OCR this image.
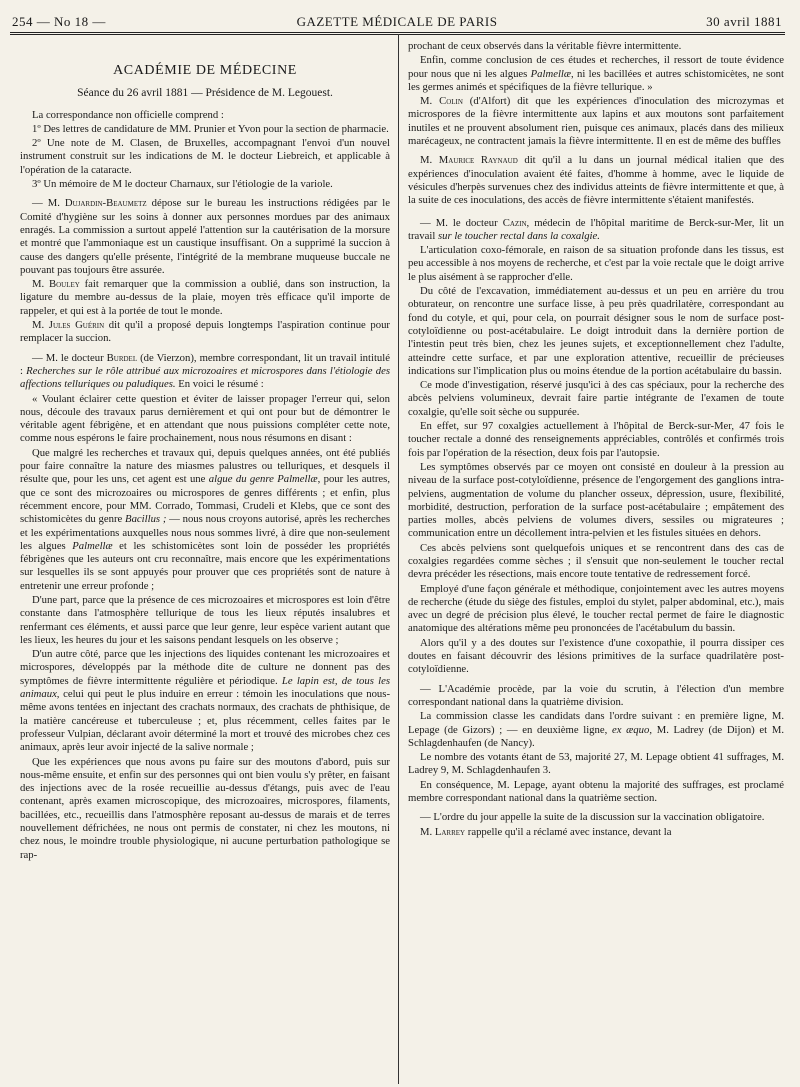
254 — No 18 —	GAZETTE MÉDICALE DE PARIS	30 avril 1881
ACADÉMIE DE MÉDECINE
Séance du 26 avril 1881 — Présidence de M. Legouest.

La correspondance non officielle comprend :

1º Des lettres de candidature de MM. Prunier et Yvon pour la section de pharmacie.

2º Une note de M. Clasen, de Bruxelles, accompagnant l'envoi d'un nouvel instrument construit sur les indications de M. le docteur Liebreich, et applicable à l'opération de la cataracte.

3º Un mémoire de M le docteur Charnaux, sur l'étiologie de la variole.

— M. Dujardin-Beaumetz dépose sur le bureau les instructions rédigées par le Comité d'hygiène sur les soins à donner aux personnes mordues par des animaux enragés. La commission a surtout appelé l'attention sur la cautérisation de la morsure et montré que l'ammoniaque est un caustique insuffisant. On a supprimé la succion à cause des dangers qu'elle présente, l'intégrité de la membrane muqueuse buccale ne pouvant pas toujours être assurée.

M. Bouley fait remarquer que la commission a oublié, dans son instruction, la ligature du membre au-dessus de la plaie, moyen très efficace qu'il importe de rappeler, et qui est à la portée de tout le monde.

M. Jules Guérin dit qu'il a proposé depuis longtemps l'aspiration continue pour remplacer la succion.

— M. le docteur Burdel (de Vierzon), membre correspondant, lit un travail intitulé : Recherches sur le rôle attribué aux microzoaires et microspores dans l'étiologie des affections telluriques ou paludiques. En voici le résumé :

« Voulant éclairer cette question et éviter de laisser propager l'erreur qui, selon nous, découle des travaux parus dernièrement et qui ont pour but de démontrer le véritable agent fébrigène, et en attendant que nous puissions compléter cette note, comme nous espérons le faire prochainement, nous nous résumons en disant :

Que malgré les recherches et travaux qui, depuis quelques années, ont été publiés pour faire connaître la nature des miasmes palustres ou telluriques, et desquels il résulte que, pour les uns, cet agent est une algue du genre Palmellæ, pour les autres, que ce sont des microzoaires ou microspores de genres différents ; et enfin, plus récemment encore, pour MM. Corrado, Tommasi, Crudeli et Klebs, que ce sont des schistomicètes du genre Bacillus ; — nous nous croyons autorisé, après les recherches et les expérimentations auxquelles nous nous sommes livré, à dire que non-seulement les algues Palmellæ et les schistomicètes sont loin de posséder les propriétés fébrigènes que les auteurs ont cru reconnaître, mais encore que les expérimentations sur lesquelles ils se sont appuyés pour prouver que ces propriétés sont de nature à entretenir une erreur profonde ;

D'une part, parce que la présence de ces microzoaires et microspores est loin d'être constante dans l'atmosphère tellurique de tous les lieux réputés insalubres et renfermant ces éléments, et aussi parce que leur genre, leur espèce varient autant que les lieux, les heures du jour et les saisons pendant lesquels on les observe ;

D'un autre côté, parce que les injections des liquides contenant les microzoaires et microspores, développés par la méthode dite de culture ne donnent pas des symptômes de fièvre intermittente régulière et périodique. Le lapin est, de tous les animaux, celui qui peut le plus induire en erreur : témoin les inoculations que nous-même avons tentées en injectant des crachats normaux, des crachats de phthisique, de la matière cancéreuse et tuberculeuse ; et, plus récemment, celles faites par le professeur Vulpian, déclarant avoir déterminé la mort et trouvé des microbes chez ces animaux, après leur avoir injecté de la salive normale ;

Que les expériences que nous avons pu faire sur des moutons d'abord, puis sur nous-même ensuite, et enfin sur des personnes qui ont bien voulu s'y prêter, en faisant des injections avec de la rosée recueillie au-dessus d'étangs, puis avec de l'eau contenant, après examen microscopique, des microzoaires, microspores, filaments, bacillées, etc., recueillis dans l'atmosphère reposant au-dessus de marais et de terres nouvellement défrichées, ne nous ont permis de constater, ni chez les moutons, ni chez nous, le moindre trouble physiologique, ni aucune perturbation pathologique se rap-

prochant de ceux observés dans la véritable fièvre intermittente.

Enfin, comme conclusion de ces études et recherches, il ressort de toute évidence pour nous que ni les algues Palmellæ, ni les bacillées et autres schistomicètes, ne sont les germes animés et spécifiques de la fièvre tellurique. »

M. Colin (d'Alfort) dit que les expériences d'inoculation des microzymas et microspores de la fièvre intermittente aux lapins et aux moutons sont parfaitement inutiles et ne prouvent absolument rien, puisque ces animaux, placés dans des milieux marécageux, ne contractent jamais la fièvre intermittente. Il en est de même des buffles

M. Maurice Raynaud dit qu'il a lu dans un journal médical italien que des expériences d'inoculation avaient été faites, d'homme à homme, avec le liquide de vésicules d'herpès survenues chez des individus atteints de fièvre intermittente et que, à la suite de ces inoculations, des accès de fièvre intermittente s'étaient manifestés.

— M. le docteur Cazin, médecin de l'hôpital maritime de Berck-sur-Mer, lit un travail sur le toucher rectal dans la coxalgie.

L'articulation coxo-fémorale, en raison de sa situation profonde dans les tissus, est peu accessible à nos moyens de recherche, et c'est par la voie rectale que le doigt arrive le plus aisément à se rapprocher d'elle.

Du côté de l'excavation, immédiatement au-dessus et un peu en arrière du trou obturateur, on rencontre une surface lisse, à peu près quadrilatère, correspondant au fond du cotyle, et qui, pour cela, on pourrait désigner sous le nom de surface post-cotyloïdienne ou post-acétabulaire. Le doigt introduit dans la dernière portion de l'intestin peut très bien, chez les jeunes sujets, et exceptionnellement chez l'adulte, atteindre cette surface, et par une exploration attentive, recueillir de précieuses indications sur l'implication plus ou moins étendue de la portion acétabulaire du bassin.

Ce mode d'investigation, réservé jusqu'ici à des cas spéciaux, pour la recherche des abcès pelviens volumineux, devrait faire partie intégrante de l'examen de toute coxalgie, qu'elle soit sèche ou suppurée.

En effet, sur 97 coxalgies actuellement à l'hôpital de Berck-sur-Mer, 47 fois le toucher rectale a donné des renseignements appréciables, contrôlés et confirmés trois fois par l'opération de la résection, deux fois par l'autopsie.

Les symptômes observés par ce moyen ont consisté en douleur à la pression au niveau de la surface post-cotyloïdienne, présence de l'engorgement des ganglions intra-pelviens, augmentation de volume du plancher osseux, dépression, usure, flexibilité, morbidité, destruction, perforation de la surface post-acétabulaire ; empâtement des parties molles, abcès pelviens de volumes divers, sessiles ou migrateures ; communication entre un décollement intra-pelvien et les fistules situées en dehors.

Ces abcès pelviens sont quelquefois uniques et se rencontrent dans des cas de coxalgies regardées comme sèches ; il s'ensuit que non-seulement le toucher rectal devra précéder les résections, mais encore toute tentative de redressement forcé.

Employé d'une façon générale et méthodique, conjointement avec les autres moyens de recherche (étude du siège des fistules, emploi du stylet, palper abdominal, etc.), mais avec un degré de précision plus élevé, le toucher rectal permet de faire le diagnostic anatomique des altérations même peu prononcées de l'acétabulum du bassin.

Alors qu'il y a des doutes sur l'existence d'une coxopathie, il pourra dissiper ces doutes en faisant découvrir des lésions primitives de la surface quadrilatère post-cotyloïdienne.

— L'Académie procède, par la voie du scrutin, à l'élection d'un membre correspondant national dans la quatrième division.

La commission classe les candidats dans l'ordre suivant : en première ligne, M. Lepage (de Gizors) ; — en deuxième ligne, ex æquo, M. Ladrey (de Dijon) et M. Schlagdenhaufen (de Nancy).

Le nombre des votants étant de 53, majorité 27, M. Lepage obtient 41 suffrages, M. Ladrey 9, M. Schlagdenhaufen 3.

En conséquence, M. Lepage, ayant obtenu la majorité des suffrages, est proclamé membre correspondant national dans la quatrième section.

— L'ordre du jour appelle la suite de la discussion sur la vaccination obligatoire.

M. Larrey rappelle qu'il a réclamé avec instance, devant la
